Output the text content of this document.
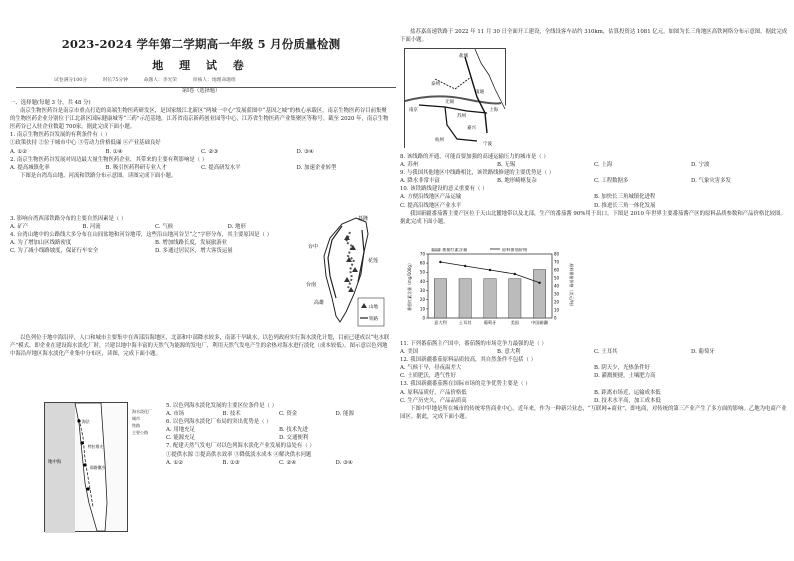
2023-2024 学年第二学期高一年级 5 月份质量检测
地 理 试 卷
试卷满分100分	时长75分钟	命题人：李光荣	审核人：地理命题组
第Ⅰ卷（选择题）

一、选择题(每题 3 分，共 48 分)

南京生物医药谷是南京市重点打造的高端生物医药研发区，是国家级江北新区“两城一中心”发展蓝图中“基因之城”的核心承载区。南京生物医药谷目前集聚的生物医药企业分别位于江北新区国际健康城等“三药”示范基地，江苏省南京新药创业园等中心，江苏省生物医药产业集聚区等称号。截至 2020 年，南京生物医药谷已入驻企业数超 700家。据此完成下面小题。

1. 南京生物医药谷发展的有利条件有（ ）

①政策扶持 ②位于城市中心 ③劳动力价格低廉 ④产业基础良好

A. ①②	B. ①④	C. ②③	D. ③④

2. 南京生物医药谷发展对周边最大量生物医药企业，其带来的主要有利影响是（ ）

A. 提高城镇化率	B. 吸引医药科研专业人才	C. 提高研发水平	D. 加速企业转型

下图是台湾岛山地、河流和铁路分布示意图。读图完成下面小题。

3. 影响台湾西部铁路分布的主要自然因素是（ ）

A. 矿产	B. 河流	C. 气候	D. 地形

4. 台湾山地中的公路线大多分布在山间盆地和河谷地带，这些沿山地河谷呈“之”字形分布，其主要原因是（ ）

A. 为了增加山区线路密度	B. 增加线路长度，发展旅游业
C. 为了减小线路坡度，保证行车安全	D. 多通过居民区，增大客货运量
基隆
台中
花莲
台南
高雄
山地
铁路

以色列位于地中海沿岸，人口和城市主要集中在西部沿海地区，北部和中部降水较多，南部干旱缺水，以色列政府实行海水淡化计划，目前已建成以“电水联产”模式、即企业在建设海水淡化厂时，兴建以地中海丰富的天然气为能源的发电厂，利用天然气发电产生的余热对海水进行淡化（成本较低）。图示意以色列地中海沿岸地区海水淡化产业集中分布区，读图，完成下面小题。

地中海
海法
特拉维夫
耶路撒冷
海水淡化厂
城市
铁路
主要公路

5. 以色列海水淡化发展的主要区位条件是（ ）

A. 市场	B. 技术	C. 资金	D. 能源

6. 以色列海水淡化厂布局的突出优势是（ ）

A. 用地充足	B. 技术先进
C. 能源充足	D. 交通便利

7. 配建天然气发电厂对以色列海水淡化产业发展的益处有（ ）

①提供水源 ②提高供水效率 ③降低淡水成本 ④解决供水问题

A. ①②	B. ①③	C. ②④	D. ③④

盐苏嘉高速铁路于 2022 年 11 月 30 日全面开工建设，全线设客车站约 310km，估算投资达 1081 亿元。如图为长三角地区高铁网络分布示意图。据此完成下面小题。

盐城
南通
苏州
上海
嘉兴
南京
杭州
宁波
泰州
无锡

8. 该线路的开通，可能首要加强的高速运输压力的城市是（ ）

A. 苏州	B. 无锡	C. 上海	D. 宁波

9. 与我国其他地区中线路相比，该铁路线修建的主要优势是（ ）

A. 降水非常丰富	B. 地形崎岖复杂	C. 工程数据多	D. 气象灾害多发

10. 该铁路线建设的意义重要有（ ）

A. 方便沿线地区产品运输	B. 加快长三角城镇化进程
C. 提高沿线地区产业水平	D. 推进长三角一体化发展

我国新疆番茄酱主要产区位于天山北麓地带以及北部，生产的番茄酱 90%用于出口。下图是 2010 年世界主要番茄酱产区的原料品质参数和产品价格比较图。据此完成下面小题。

0
10
20
30
40
50
60
70
0
10
20
30
40
50
60
70
80
意大利	土耳其	葡萄牙	美国	中国新疆
番茄红素含量	原料番茄价格
番茄红素含量（mg/100g）	原料番茄价格（美元/吨）

11. 下列番茄酱主产国中，番茄酱的市场竞争力最强的是（ ）

A. 美国	B. 意大利	C. 土耳其	D. 葡萄牙

12. 我国新疆番茄原料品质较高，其自然条件不包括（ ）

A. 气候干旱，昼夜温差大	B. 阴天少，光热条件好
C. 土质肥沃，透气性好	D. 灌溉便捷，土壤肥力高

13. 我国新疆番茄酱在国际市场的竞争优势主要是（ ）

A. 原料品质好，产品价格低	B. 距离市场近，运输成本低
C. 生产历史久，产品品质高	D. 技术水平高，加工成本低

下图中甲地是所在城市的传统零售商业中心。近年来，作为一种新兴业态，“互联网+商业”，即电商，对传统的第三产业产生了多方面的影响。乙地为电商产业园区。据此，完成下面小题。
